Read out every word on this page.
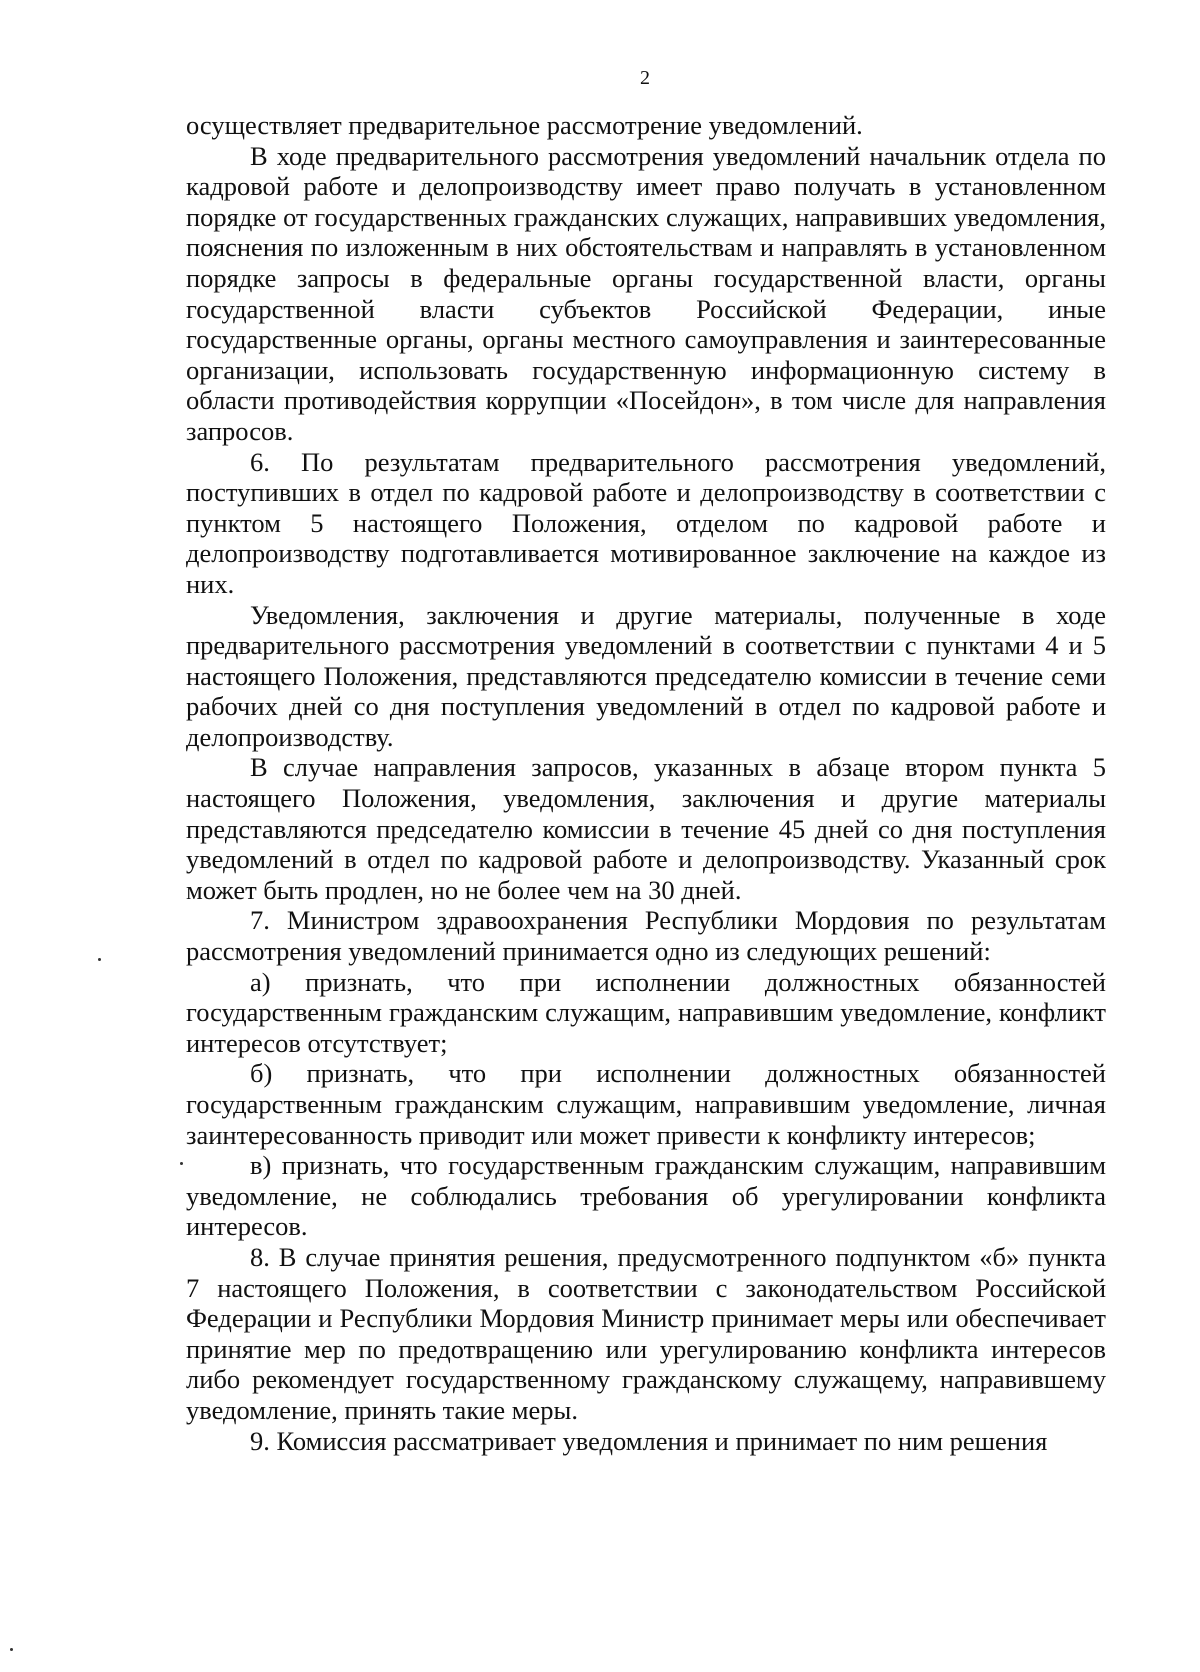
2

осуществляет предварительное рассмотрение уведомлений.

В ходе предварительного рассмотрения уведомлений начальник отдела по кадровой работе и делопроизводству имеет право получать в установленном порядке от государственных гражданских служащих, направивших уведомления, пояснения по изложенным в них обстоятельствам и направлять в установленном порядке запросы в федеральные органы государственной власти, органы государственной власти субъектов Российской Федерации, иные государственные органы, органы местного самоуправления и заинтересованные организации, использовать государственную информационную систему в области противодействия коррупции «Посейдон», в том числе для направления запросов.

6. По результатам предварительного рассмотрения уведомлений, поступивших в отдел по кадровой работе и делопроизводству в соответствии с пунктом 5 настоящего Положения, отделом по кадровой работе и делопроизводству подготавливается мотивированное заключение на каждое из них.

Уведомления, заключения и другие материалы, полученные в ходе предварительного рассмотрения уведомлений в соответствии с пунктами 4 и 5 настоящего Положения, представляются председателю комиссии в течение семи рабочих дней со дня поступления уведомлений в отдел по кадровой работе и делопроизводству.

В случае направления запросов, указанных в абзаце втором пункта 5 настоящего Положения, уведомления, заключения и другие материалы представляются председателю комиссии в течение 45 дней со дня поступления уведомлений в отдел по кадровой работе и делопроизводству. Указанный срок может быть продлен, но не более чем на 30 дней.

7. Министром здравоохранения Республики Мордовия по результатам рассмотрения уведомлений принимается одно из следующих решений:

а) признать, что при исполнении должностных обязанностей государственным гражданским служащим, направившим уведомление, конфликт интересов отсутствует;

б) признать, что при исполнении должностных обязанностей государственным гражданским служащим, направившим уведомление, личная заинтересованность приводит или может привести к конфликту интересов;

в) признать, что государственным гражданским служащим, направившим уведомление, не соблюдались требования об урегулировании конфликта интересов.

8. В случае принятия решения, предусмотренного подпунктом «б» пункта 7 настоящего Положения, в соответствии с законодательством Российской Федерации и Республики Мордовия Министр принимает меры или обеспечивает принятие мер по предотвращению или урегулированию конфликта интересов либо рекомендует государственному гражданскому служащему, направившему уведомление, принять такие меры.

9. Комиссия рассматривает уведомления и принимает по ним решения
